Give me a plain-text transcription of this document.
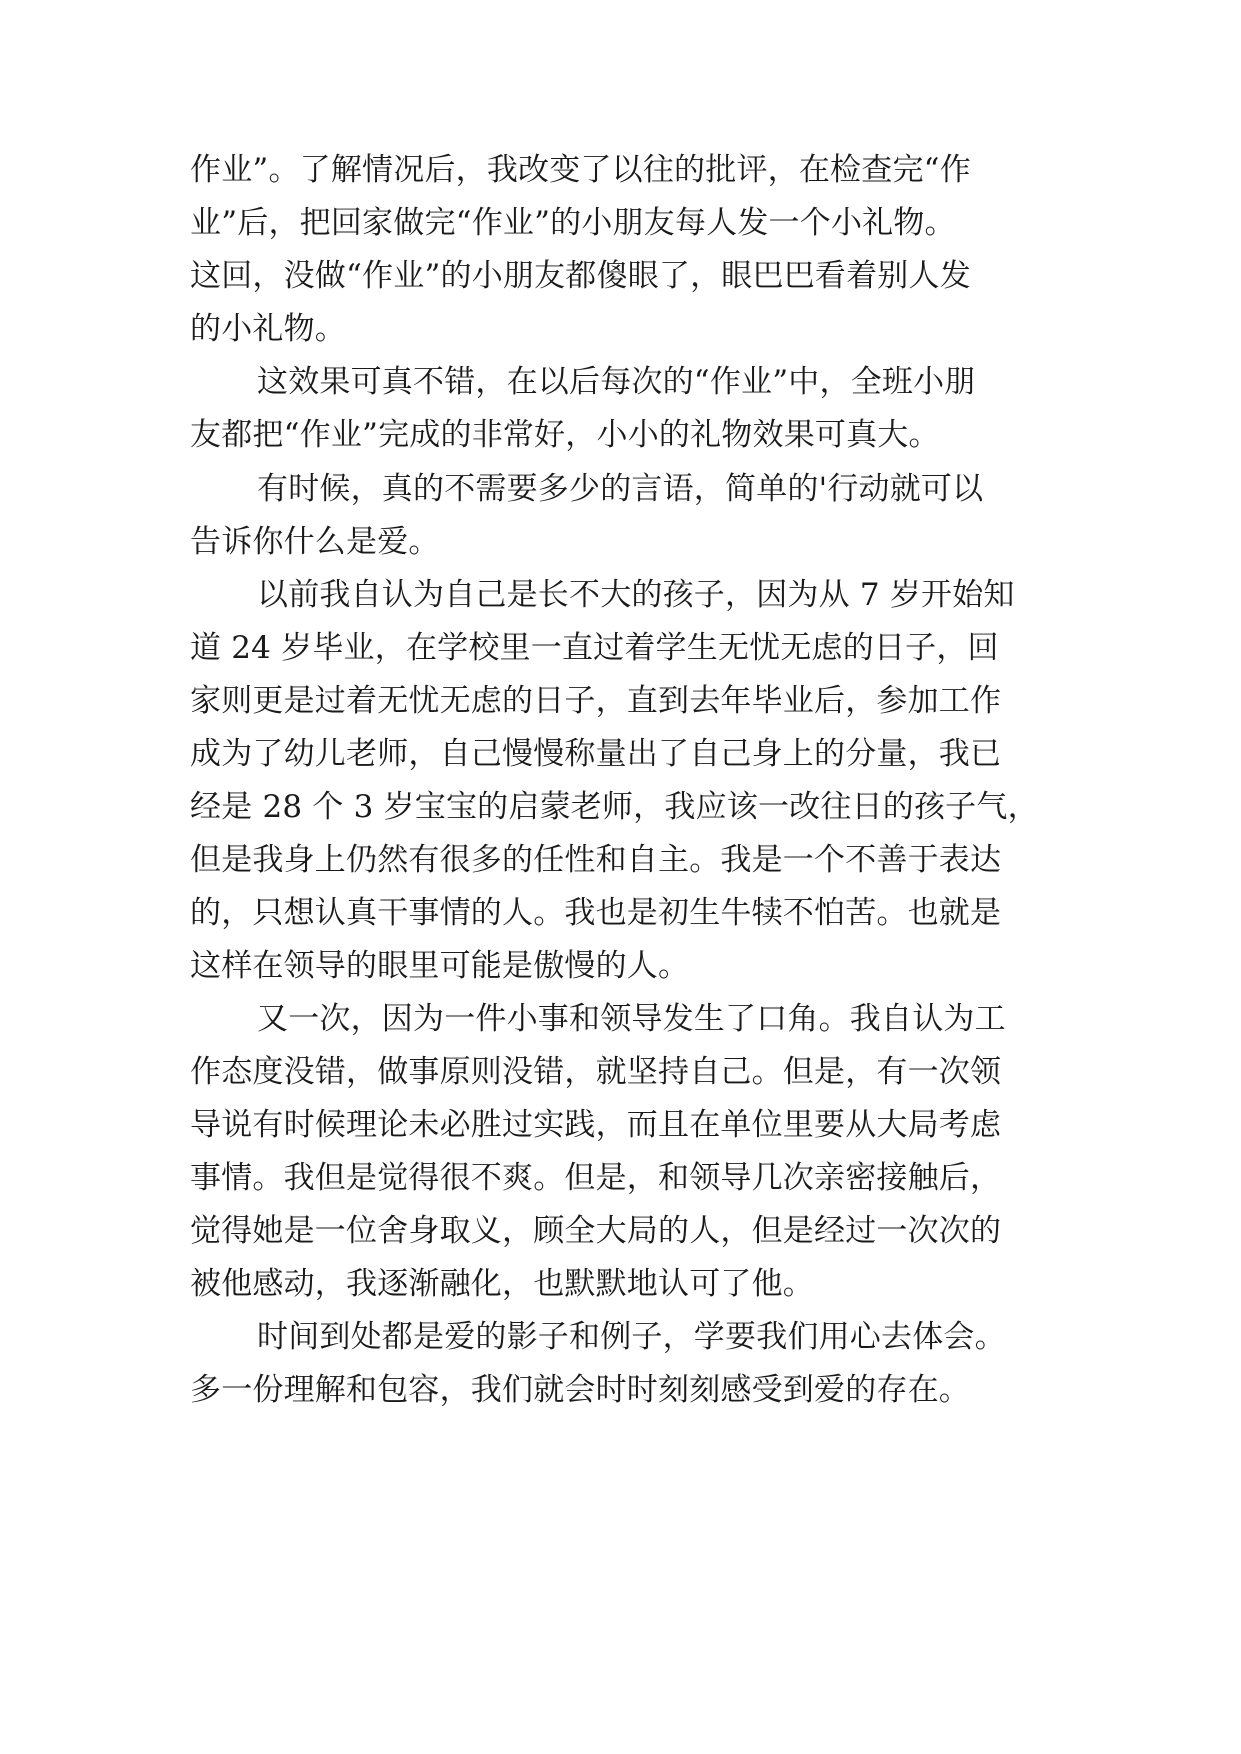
作业”。了解情况后，我改变了以往的批评，在检查完“作
业”后，把回家做完“作业”的小朋友每人发一个小礼物。
这回，没做“作业”的小朋友都傻眼了，眼巴巴看着别人发
的小礼物。
这效果可真不错，在以后每次的“作业”中，全班小朋
友都把“作业”完成的非常好，小小的礼物效果可真大。
有时候，真的不需要多少的言语，简单的'行动就可以
告诉你什么是爱。
以前我自认为自己是长不大的孩子，因为从 7 岁开始知
道 24 岁毕业，在学校里一直过着学生无忧无虑的日子，回
家则更是过着无忧无虑的日子，直到去年毕业后，参加工作
成为了幼儿老师，自己慢慢称量出了自己身上的分量，我已
经是 28 个 3 岁宝宝的启蒙老师，我应该一改往日的孩子气，
但是我身上仍然有很多的任性和自主。我是一个不善于表达
的，只想认真干事情的人。我也是初生牛犊不怕苦。也就是
这样在领导的眼里可能是傲慢的人。
又一次，因为一件小事和领导发生了口角。我自认为工
作态度没错，做事原则没错，就坚持自己。但是，有一次领
导说有时候理论未必胜过实践，而且在单位里要从大局考虑
事情。我但是觉得很不爽。但是，和领导几次亲密接触后，
觉得她是一位舍身取义，顾全大局的人，但是经过一次次的
被他感动，我逐渐融化，也默默地认可了他。
时间到处都是爱的影子和例子，学要我们用心去体会。
多一份理解和包容，我们就会时时刻刻感受到爱的存在。
